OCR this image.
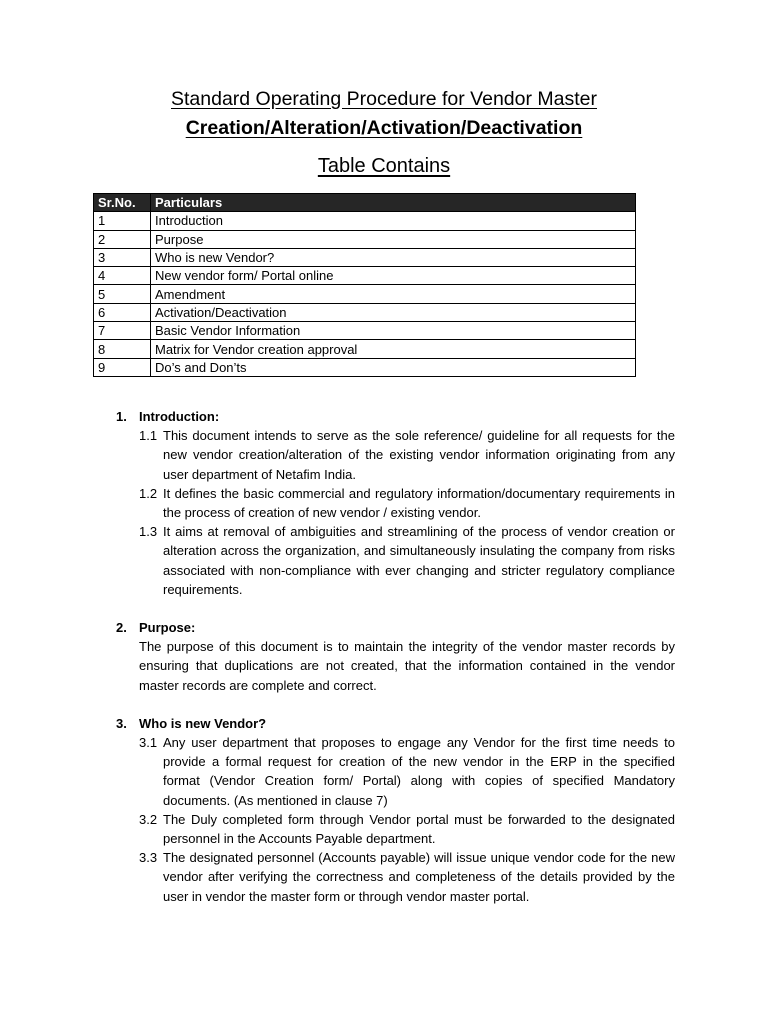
Standard Operating Procedure for Vendor Master
Creation/Alteration/Activation/Deactivation
Table Contains
Sr.No.	Particulars
1	Introduction
2	Purpose
3	Who is new Vendor?
4	New vendor form/ Portal online
5	Amendment
6	Activation/Deactivation
7	Basic Vendor Information
8	Matrix for Vendor creation approval
9	Do’s and Don’ts
1. Introduction:
1.1 This document intends to serve as the sole reference/ guideline for all requests for the new vendor creation/alteration of the existing vendor information originating from any user department of Netafim India.
1.2 It defines the basic commercial and regulatory information/documentary requirements in the process of creation of new vendor / existing vendor.
1.3 It aims at removal of ambiguities and streamlining of the process of vendor creation or alteration across the organization, and simultaneously insulating the company from risks associated with non-compliance with ever changing and stricter regulatory compliance requirements.
2. Purpose:
The purpose of this document is to maintain the integrity of the vendor master records by ensuring that duplications are not created, that the information contained in the vendor master records are complete and correct.
3. Who is new Vendor?
3.1 Any user department that proposes to engage any Vendor for the first time needs to provide a formal request for creation of the new vendor in the ERP in the specified format (Vendor Creation form/ Portal) along with copies of specified Mandatory documents. (As mentioned in clause 7)
3.2 The Duly completed form through Vendor portal must be forwarded to the designated personnel in the Accounts Payable department.
3.3 The designated personnel (Accounts payable) will issue unique vendor code for the new vendor after verifying the correctness and completeness of the details provided by the user in vendor the master form or through vendor master portal.
